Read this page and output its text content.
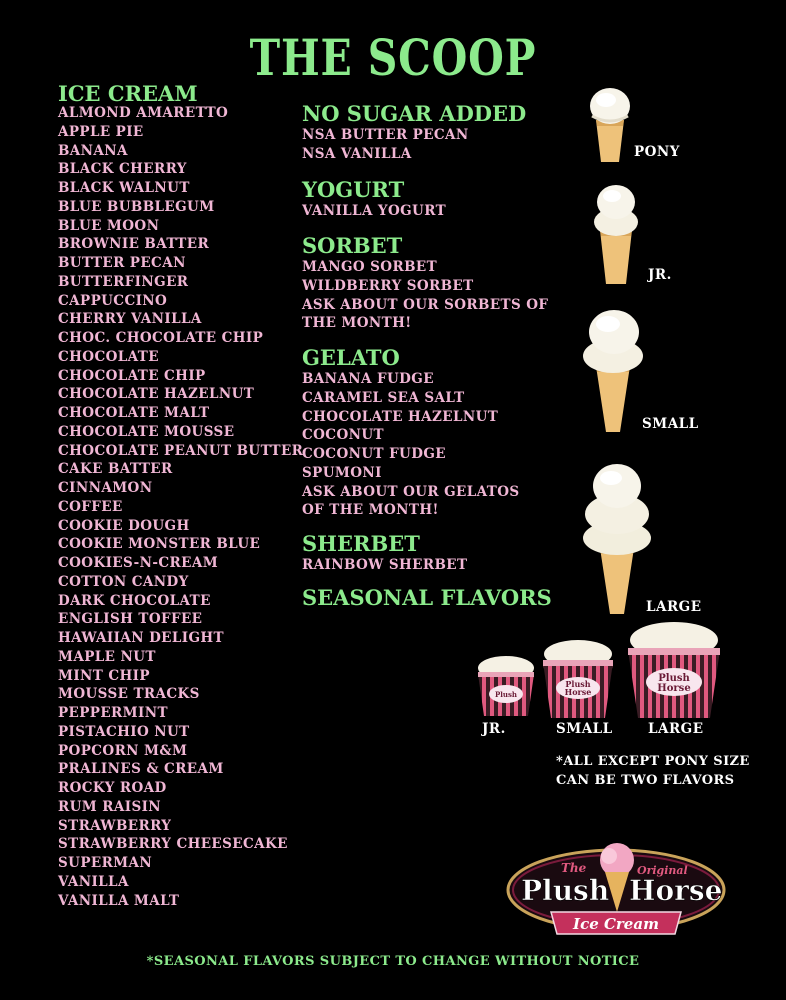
THE SCOOP
ICE CREAM
ALMOND AMARETTO
APPLE PIE
BANANA
BLACK CHERRY
BLACK WALNUT
BLUE BUBBLEGUM
BLUE MOON
BROWNIE BATTER
BUTTER PECAN
BUTTERFINGER
CAPPUCCINO
CHERRY VANILLA
CHOC. CHOCOLATE CHIP
CHOCOLATE
CHOCOLATE CHIP
CHOCOLATE HAZELNUT
CHOCOLATE MALT
CHOCOLATE MOUSSE
CHOCOLATE PEANUT BUTTER
CAKE BATTER
CINNAMON
COFFEE
COOKIE DOUGH
COOKIE MONSTER BLUE
COOKIES-N-CREAM
COTTON CANDY
DARK CHOCOLATE
ENGLISH TOFFEE
HAWAIIAN DELIGHT
MAPLE NUT
MINT CHIP
MOUSSE TRACKS
PEPPERMINT
PISTACHIO NUT
POPCORN M&M
PRALINES & CREAM
ROCKY ROAD
RUM RAISIN
STRAWBERRY
STRAWBERRY CHEESECAKE
SUPERMAN
VANILLA
VANILLA MALT
NO SUGAR ADDED
NSA BUTTER PECAN
NSA VANILLA
YOGURT
VANILLA YOGURT
SORBET
MANGO SORBET
WILDBERRY SORBET
ASK ABOUT OUR SORBETS OF
THE MONTH!
GELATO
BANANA FUDGE
CARAMEL SEA SALT
CHOCOLATE HAZELNUT
COCONUT
COCONUT FUDGE
SPUMONI
ASK ABOUT OUR GELATOS
OF THE MONTH!
SHERBET
RAINBOW SHERBET
SEASONAL FLAVORS
PONY
JR.
SMALL
LARGE
Plush
JR.
Plush
Horse
SMALL
Plush
Horse
LARGE
*ALL EXCEPT PONY SIZE CAN BE TWO FLAVORS
The	Original
Plush Horse
Ice Cream
*SEASONAL FLAVORS SUBJECT TO CHANGE WITHOUT NOTICE
